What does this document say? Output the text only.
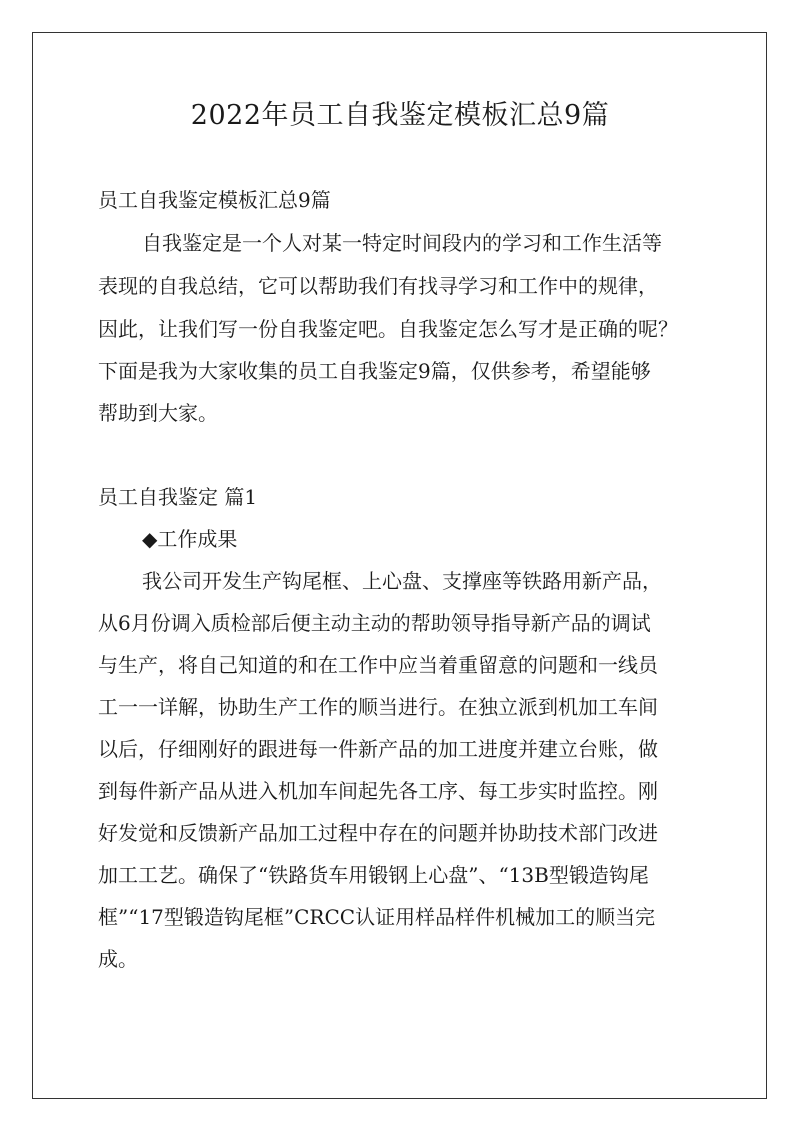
2022年员工自我鉴定模板汇总9篇
员工自我鉴定模板汇总9篇
自我鉴定是一个人对某一特定时间段内的学习和工作生活等
表现的自我总结，它可以帮助我们有找寻学习和工作中的规律，
因此，让我们写一份自我鉴定吧。自我鉴定怎么写才是正确的呢？
下面是我为大家收集的员工自我鉴定9篇，仅供参考，希望能够
帮助到大家。
员工自我鉴定 篇1
◆工作成果
我公司开发生产钩尾框、上心盘、支撑座等铁路用新产品，
从6月份调入质检部后便主动主动的帮助领导指导新产品的调试
与生产，将自己知道的和在工作中应当着重留意的问题和一线员
工一一详解，协助生产工作的顺当进行。在独立派到机加工车间
以后，仔细刚好的跟进每一件新产品的加工进度并建立台账，做
到每件新产品从进入机加车间起先各工序、每工步实时监控。刚
好发觉和反馈新产品加工过程中存在的问题并协助技术部门改进
加工工艺。确保了“铁路货车用锻钢上心盘”、“13B型锻造钩尾
框”“17型锻造钩尾框”CRCC认证用样品样件机械加工的顺当完
成。
